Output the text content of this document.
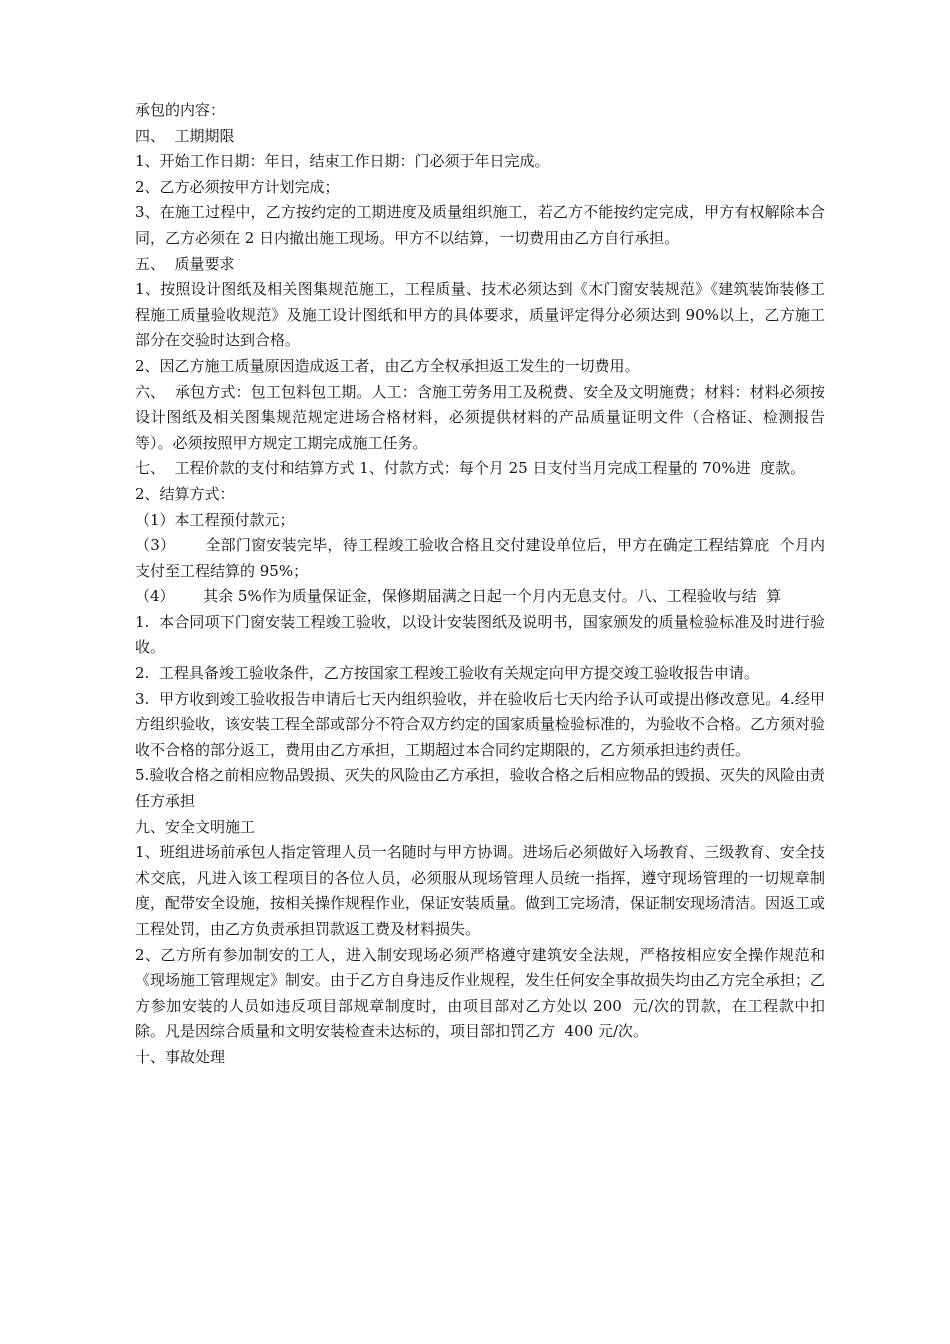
承包的内容：

四、  工期期限

1、开始工作日期：年日，结束工作日期：门必须于年日完成。

2、乙方必须按甲方计划完成；

3、在施工过程中，乙方按约定的工期进度及质量组织施工，若乙方不能按约定完成，甲方有权解除本合同，乙方必须在 2 日内撤出施工现场。甲方不以结算，一切费用由乙方自行承担。

五、  质量要求

1、按照设计图纸及相关图集规范施工，工程质量、技术必须达到《木门窗安装规范》《建筑装饰装修工程施工质量验收规范》及施工设计图纸和甲方的具体要求，质量评定得分必须达到 90%以上，乙方施工部分在交验时达到合格。

2、因乙方施工质量原因造成返工者，由乙方全权承担返工发生的一切费用。

六、  承包方式：包工包料包工期。人工：含施工劳务用工及税费、安全及文明施费；材料：材料必须按设计图纸及相关图集规范规定进场合格材料，必须提供材料的产品质量证明文件（合格证、检测报告等）。必须按照甲方规定工期完成施工任务。

七、  工程价款的支付和结算方式 1、付款方式：每个月 25 日支付当月完成工程量的 70%进  度款。

2、结算方式：

（1）本工程预付款元；

（3）      全部门窗安装完毕，待工程竣工验收合格且交付建设单位后，甲方在确定工程结算庇  个月内支付至工程结算的 95%；

（4）      其余 5%作为质量保证金，保修期届满之日起一个月内无息支付。八、工程验收与结  算

1.  本合同项下门窗安装工程竣工验收，以设计安装图纸及说明书，国家颁发的质量检验标准及时进行验收。

2.  工程具备竣工验收条件，乙方按国家工程竣工验收有关规定向甲方提交竣工验收报告申请。

3.  甲方收到竣工验收报告申请后七天内组织验收，并在验收后七天内给予认可或提出修改意见。4.经甲方组织验收，该安装工程全部或部分不符合双方约定的国家质量检验标准的，为验收不合格。乙方须对验收不合格的部分返工，费用由乙方承担，工期超过本合同约定期限的，乙方须承担违约责任。

5.验收合格之前相应物品毁损、灭失的风险由乙方承担，验收合格之后相应物品的毁损、灭失的风险由责任方承担

九、安全文明施工

1、班组进场前承包人指定管理人员一名随时与甲方协调。进场后必须做好入场教育、三级教育、安全技术交底，凡进入该工程项目的各位人员，必须服从现场管理人员统一指挥，遵守现场管理的一切规章制度，配带安全设施，按相关操作规程作业，保证安装质量。做到工完场清，保证制安现场清洁。因返工或工程处罚，由乙方负责承担罚款返工费及材料损失。

2、乙方所有参加制安的工人，进入制安现场必须严格遵守建筑安全法规，严格按相应安全操作规范和《现场施工管理规定》制安。由于乙方自身违反作业规程，发生任何安全事故损失均由乙方完全承担；乙方参加安装的人员如违反项目部规章制度时，由项目部对乙方处以 200  元/次的罚款，在工程款中扣除。凡是因综合质量和文明安装检查未达标的，项目部扣罚乙方  400 元/次。

十、事故处理
